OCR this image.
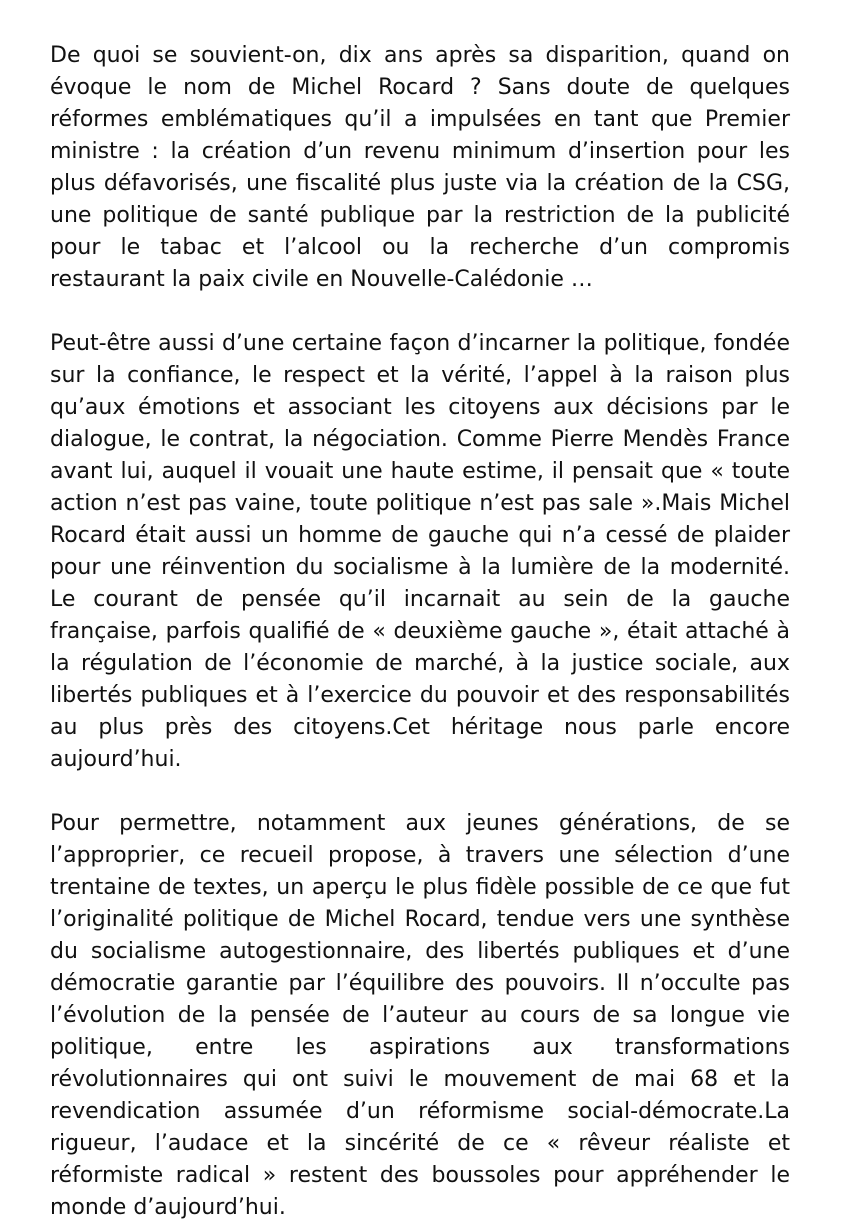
De quoi se souvient-on, dix ans après sa disparition, quand on évoque le nom de Michel Rocard ? Sans doute de quelques réformes emblématiques qu’il a impulsées en tant que Premier ministre : la création d’un revenu minimum d’insertion pour les plus défavorisés, une fiscalité plus juste via la création de la CSG, une politique de santé publique par la restriction de la publicité pour le tabac et l’alcool ou la recherche d’un compromis restaurant la paix civile en Nouvelle-Calédonie …

Peut-être aussi d’une certaine façon d’incarner la politique, fondée sur la confiance, le respect et la vérité, l’appel à la raison plus qu’aux émotions et associant les citoyens aux décisions par le dialogue, le contrat, la négociation. Comme Pierre Mendès France avant lui, auquel il vouait une haute estime, il pensait que « toute action n’est pas vaine, toute politique n’est pas sale ».Mais Michel Rocard était aussi un homme de gauche qui n’a cessé de plaider pour une réinvention du socialisme à la lumière de la modernité. Le courant de pensée qu’il incarnait au sein de la gauche française, parfois qualifié de « deuxième gauche », était attaché à la régulation de l’économie de marché, à la justice sociale, aux libertés publiques et à l’exercice du pouvoir et des responsabilités au plus près des citoyens.Cet héritage nous parle encore aujourd’hui.

Pour permettre, notamment aux jeunes générations, de se l’approprier, ce recueil propose, à travers une sélection d’une trentaine de textes, un aperçu le plus fidèle possible de ce que fut l’originalité politique de Michel Rocard, tendue vers une synthèse du socialisme autogestionnaire, des libertés publiques et d’une démocratie garantie par l’équilibre des pouvoirs. Il n’occulte pas l’évolution de la pensée de l’auteur au cours de sa longue vie politique, entre les aspirations aux transformations révolutionnaires qui ont suivi le mouvement de mai 68 et la revendication assumée d’un réformisme social-démocrate.La rigueur, l’audace et la sincérité de ce « rêveur réaliste et réformiste radical » restent des boussoles pour appréhender le monde d’aujourd’hui.
